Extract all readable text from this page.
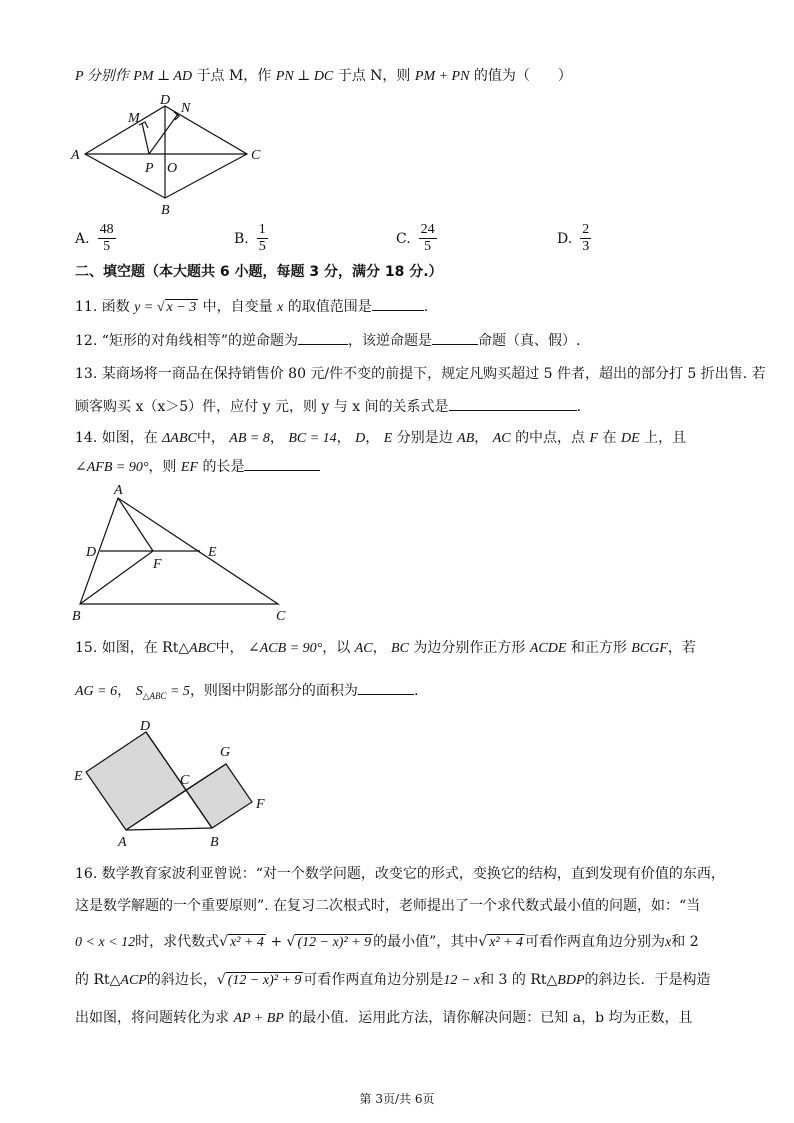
P 分别作 PM ⊥ AD 于点 M，作 PN ⊥ DC 于点 N，则 PM + PN 的值为（　　）
A
D
N
M
P O
C
B
A. $\frac{48}{5}$	B. $\frac{1}{5}$	C. $\frac{24}{5}$	D. $\frac{2}{3}$
二、填空题（本大题共 6 小题，每题 3 分，满分 18 分.）
11. 函数 y = √ x − 3 中，自变量 x 的取值范围是	.
12. “矩形的对角线相等”的逆命题为	，该逆命题是	命题（真、假）.
13. 某商场将一商品在保持销售价 80 元/件不变的前提下，规定凡购买超过 5 件者，超出的部分打 5 折出售. 若
顾客购买 x（x＞5）件，应付 y 元，则 y 与 x 间的关系式是	.
14. 如图，在 ΔABC中， AB = 8， BC = 14， D， E 分别是边 AB， AC 的中点，点 F 在 DE 上，且
∠AFB = 90°，则 EF 的长是
A
D	E
F
B	C
15. 如图，在 Rt△ABC中， ∠ACB = 90°，以 AC， BC 为边分别作正方形 ACDE 和正方形 BCGF，若
AG = 6， $S_{\triangle ABC} = 5$，则图中阴影部分的面积为	.
D
E	C
G
F
A	B
16. 数学教育家波利亚曾说：“对一个数学问题，改变它的形式，变换它的结构，直到发现有价值的东西，
这是数学解题的一个重要原则”. 在复习二次根式时，老师提出了一个求代数式最小值的问题，如：“当
0 < x < 12时，求代数式√ x² + 4 + √ (12 − x)² + 9 的最小值”，其中√ x² + 4 可看作两直角边分别为x和 2
的 Rt△ACP的斜边长，√ (12 − x)² + 9 可看作两直角边分别是12 − x和 3 的 Rt△BDP的斜边长．于是构造
出如图，将问题转化为求 AP + BP 的最小值．运用此方法，请你解决问题：已知 a，b 均为正数，且
第 3页/共 6页
